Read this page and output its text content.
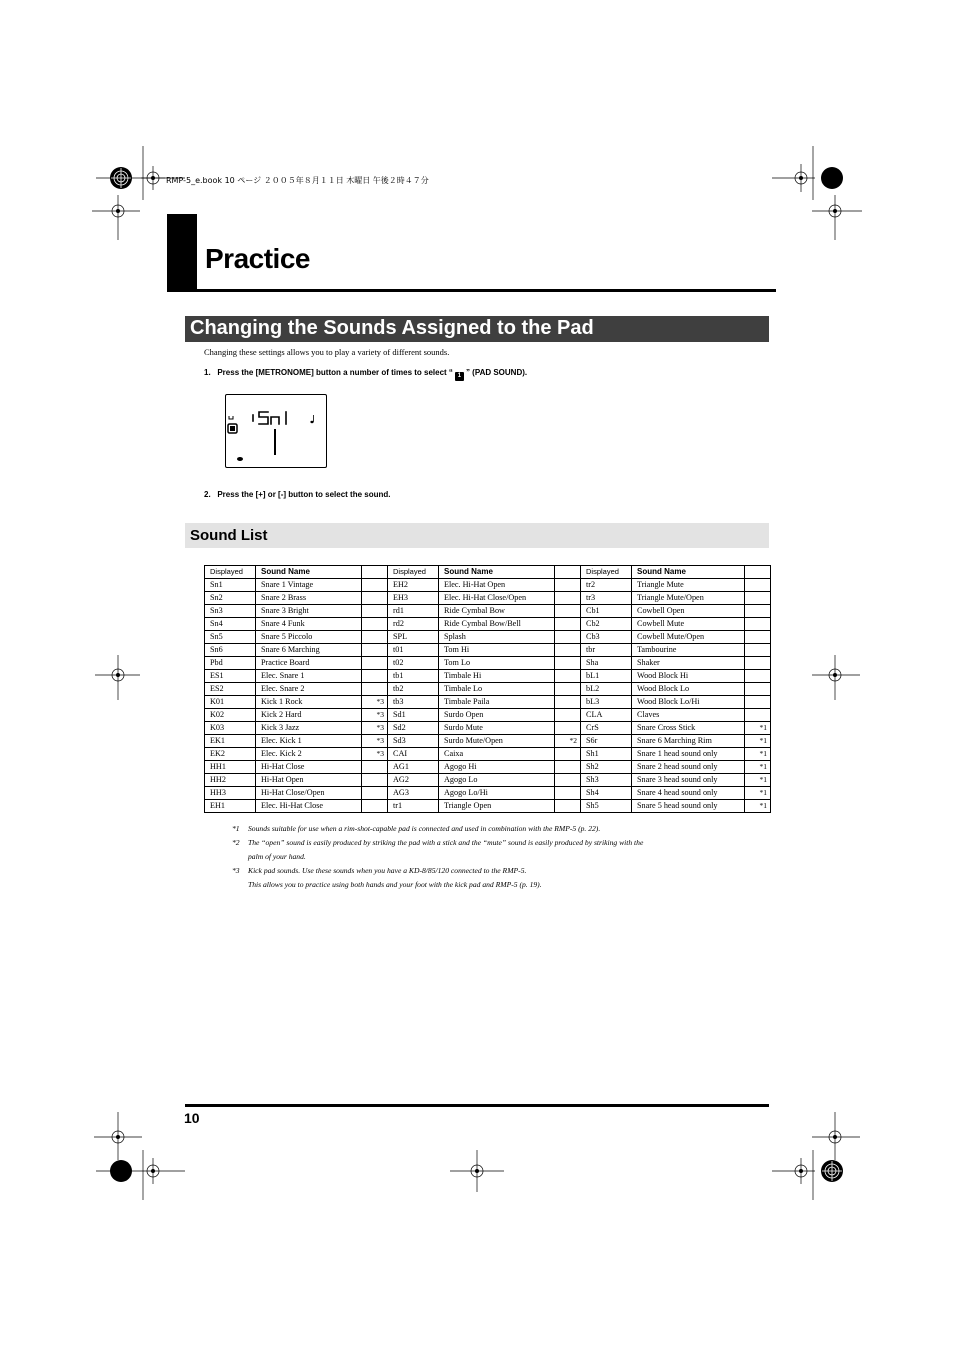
RMP-5_e.book 10 ページ ２００５年８月１１日 木曜日 午後２時４７分
Practice
Changing the Sounds Assigned to the Pad
Changing these settings allows you to play a variety of different sounds.
1. Press the [METRONOME] button a number of times to select “ 1 ” (PAD SOUND).
2. Press the [+] or [-] button to select the sound.
Sound List
Displayed	Sound Name		Displayed	Sound Name		Displayed	Sound Name	
Sn1	Snare 1 Vintage		EH2	Elec. Hi-Hat Open		tr2	Triangle Mute	
Sn2	Snare 2 Brass		EH3	Elec. Hi-Hat Close/Open		tr3	Triangle Mute/Open	
Sn3	Snare 3 Bright		rd1	Ride Cymbal Bow		Cb1	Cowbell Open	
Sn4	Snare 4 Funk		rd2	Ride Cymbal Bow/Bell		Cb2	Cowbell Mute	
Sn5	Snare 5 Piccolo		SPL	Splash		Cb3	Cowbell Mute/Open	
Sn6	Snare 6 Marching		t01	Tom Hi		tbr	Tambourine	
Pbd	Practice Board		t02	Tom Lo		Sha	Shaker	
ES1	Elec. Snare 1		tb1	Timbale Hi		bL1	Wood Block Hi	
ES2	Elec. Snare 2		tb2	Timbale Lo		bL2	Wood Block Lo	
K01	Kick 1 Rock	*3	tb3	Timbale Paila		bL3	Wood Block Lo/Hi	
K02	Kick 2 Hard	*3	Sd1	Surdo Open		CLA	Claves	
K03	Kick 3 Jazz	*3	Sd2	Surdo Mute		CrS	Snare Cross Stick	*1
EK1	Elec. Kick 1	*3	Sd3	Surdo Mute/Open	*2	S6r	Snare 6 Marching Rim	*1
EK2	Elec. Kick 2	*3	CAI	Caixa		Sh1	Snare 1 head sound only	*1
HH1	Hi-Hat Close		AG1	Agogo Hi		Sh2	Snare 2 head sound only	*1
HH2	Hi-Hat Open		AG2	Agogo Lo		Sh3	Snare 3 head sound only	*1
HH3	Hi-Hat Close/Open		AG3	Agogo Lo/Hi		Sh4	Snare 4 head sound only	*1
EH1	Elec. Hi-Hat Close		tr1	Triangle Open		Sh5	Snare 5 head sound only	*1
*1	Sounds suitable for use when a rim-shot-capable pad is connected and used in combination with the RMP-5 (p. 22).
*2	The “open” sound is easily produced by striking the pad with a stick and the “mute” sound is easily produced by striking with the
palm of your hand.
*3	Kick pad sounds. Use these sounds when you have a KD-8/85/120 connected to the RMP-5.
This allows you to practice using both hands and your foot with the kick pad and RMP-5 (p. 19).
10
